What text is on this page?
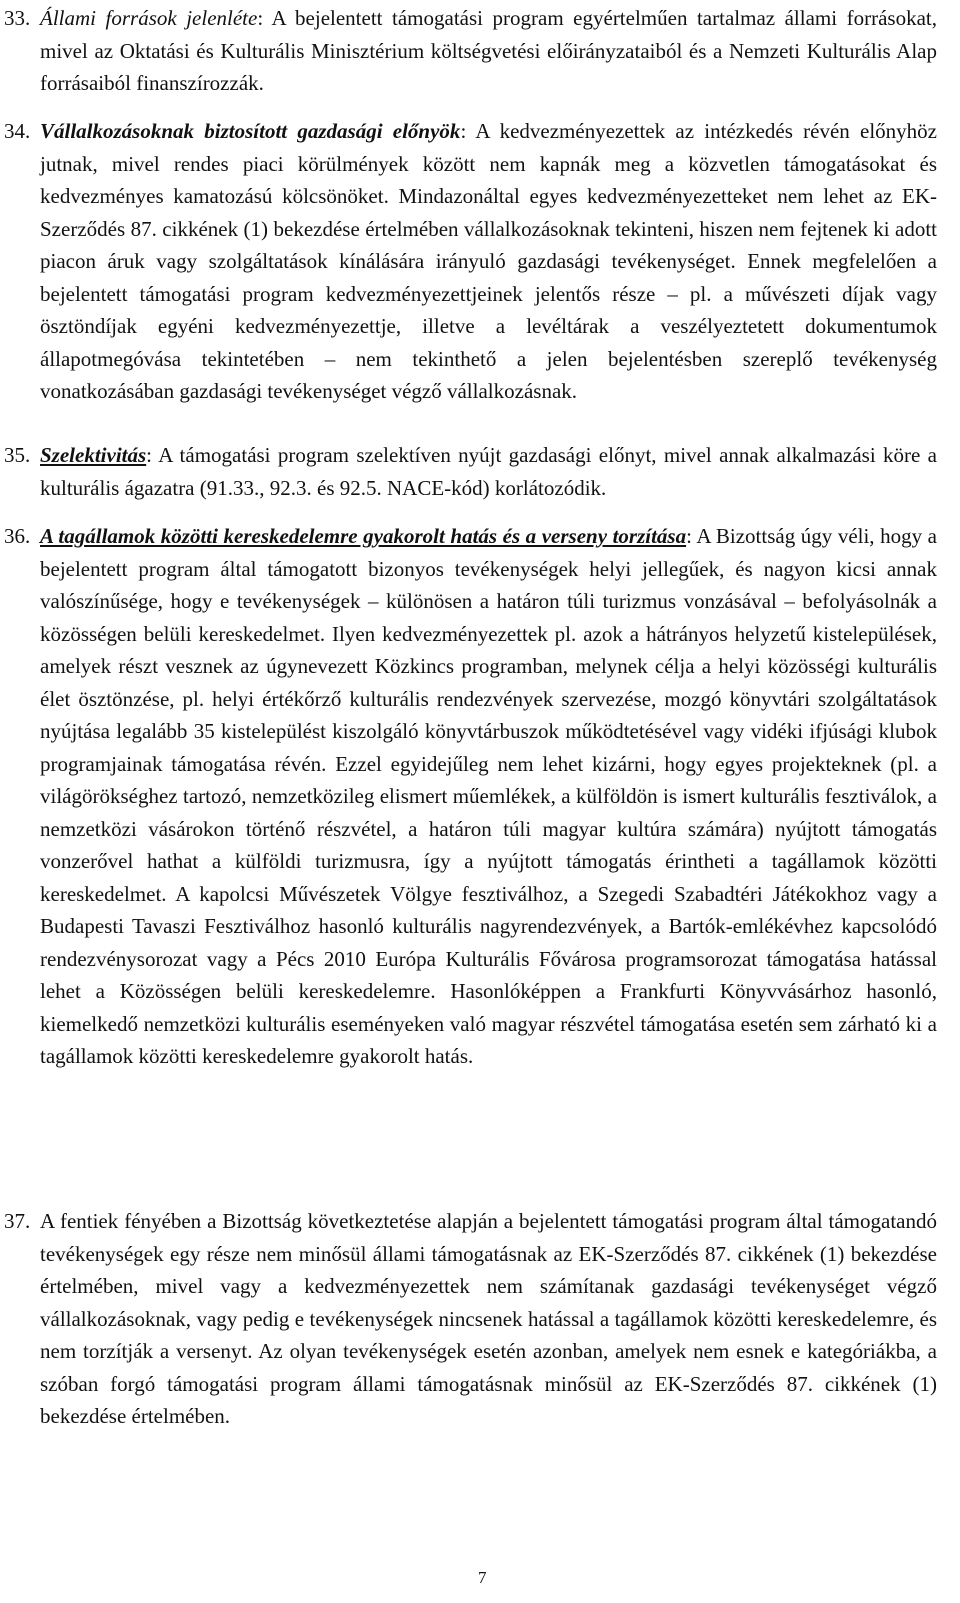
33. Állami források jelenléte: A bejelentett támogatási program egyértelműen tartalmaz állami forrásokat, mivel az Oktatási és Kulturális Minisztérium költségvetési előirányzataiból és a Nemzeti Kulturális Alap forrásaiból finanszírozzák.

34. Vállalkozásoknak biztosított gazdasági előnyök: A kedvezményezettek az intézkedés révén előnyhöz jutnak, mivel rendes piaci körülmények között nem kapnák meg a közvetlen támogatásokat és kedvezményes kamatozású kölcsönöket. Mindazonáltal egyes kedvezményezetteket nem lehet az EK-Szerződés 87. cikkének (1) bekezdése értelmében vállalkozásoknak tekinteni, hiszen nem fejtenek ki adott piacon áruk vagy szolgáltatások kínálására irányuló gazdasági tevékenységet. Ennek megfelelően a bejelentett támogatási program kedvezményezettjeinek jelentős része – pl. a művészeti díjak vagy ösztöndíjak egyéni kedvezményezettje, illetve a levéltárak a veszélyeztetett dokumentumok állapotmegóvása tekintetében – nem tekinthető a jelen bejelentésben szereplő tevékenység vonatkozásában gazdasági tevékenységet végző vállalkozásnak.

35. Szelektivitás: A támogatási program szelektíven nyújt gazdasági előnyt, mivel annak alkalmazási köre a kulturális ágazatra (91.33., 92.3. és 92.5. NACE-kód) korlátozódik.

36. A tagállamok közötti kereskedelemre gyakorolt hatás és a verseny torzítása: A Bizottság úgy véli, hogy a bejelentett program által támogatott bizonyos tevékenységek helyi jellegűek, és nagyon kicsi annak valószínűsége, hogy e tevékenységek – különösen a határon túli turizmus vonzásával – befolyásolnák a közösségen belüli kereskedelmet. Ilyen kedvezményezettek pl. azok a hátrányos helyzetű kistelepülések, amelyek részt vesznek az úgynevezett Közkincs programban, melynek célja a helyi közösségi kulturális élet ösztönzése, pl. helyi értékőrző kulturális rendezvények szervezése, mozgó könyvtári szolgáltatások nyújtása legalább 35 kistelepülést kiszolgáló könyvtárbuszok működtetésével vagy vidéki ifjúsági klubok programjainak támogatása révén. Ezzel egyidejűleg nem lehet kizárni, hogy egyes projekteknek (pl. a világörökséghez tartozó, nemzetközileg elismert műemlékek, a külföldön is ismert kulturális fesztiválok, a nemzetközi vásárokon történő részvétel, a határon túli magyar kultúra számára) nyújtott támogatás vonzerővel hathat a külföldi turizmusra, így a nyújtott támogatás érintheti a tagállamok közötti kereskedelmet. A kapolcsi Művészetek Völgye fesztiválhoz, a Szegedi Szabadtéri Játékokhoz vagy a Budapesti Tavaszi Fesztiválhoz hasonló kulturális nagyrendezvények, a Bartók-emlékévhez kapcsolódó rendezvénysorozat vagy a Pécs 2010 Európa Kulturális Fővárosa programsorozat támogatása hatással lehet a Közösségen belüli kereskedelemre. Hasonlóképpen a Frankfurti Könyvvásárhoz hasonló, kiemelkedő nemzetközi kulturális eseményeken való magyar részvétel támogatása esetén sem zárható ki a tagállamok közötti kereskedelemre gyakorolt hatás.

37. A fentiek fényében a Bizottság következtetése alapján a bejelentett támogatási program által támogatandó tevékenységek egy része nem minősül állami támogatásnak az EK-Szerződés 87. cikkének (1) bekezdése értelmében, mivel vagy a kedvezményezettek nem számítanak gazdasági tevékenységet végző vállalkozásoknak, vagy pedig e tevékenységek nincsenek hatással a tagállamok közötti kereskedelemre, és nem torzítják a versenyt. Az olyan tevékenységek esetén azonban, amelyek nem esnek e kategóriákba, a szóban forgó támogatási program állami támogatásnak minősül az EK-Szerződés 87. cikkének (1) bekezdése értelmében.

7
